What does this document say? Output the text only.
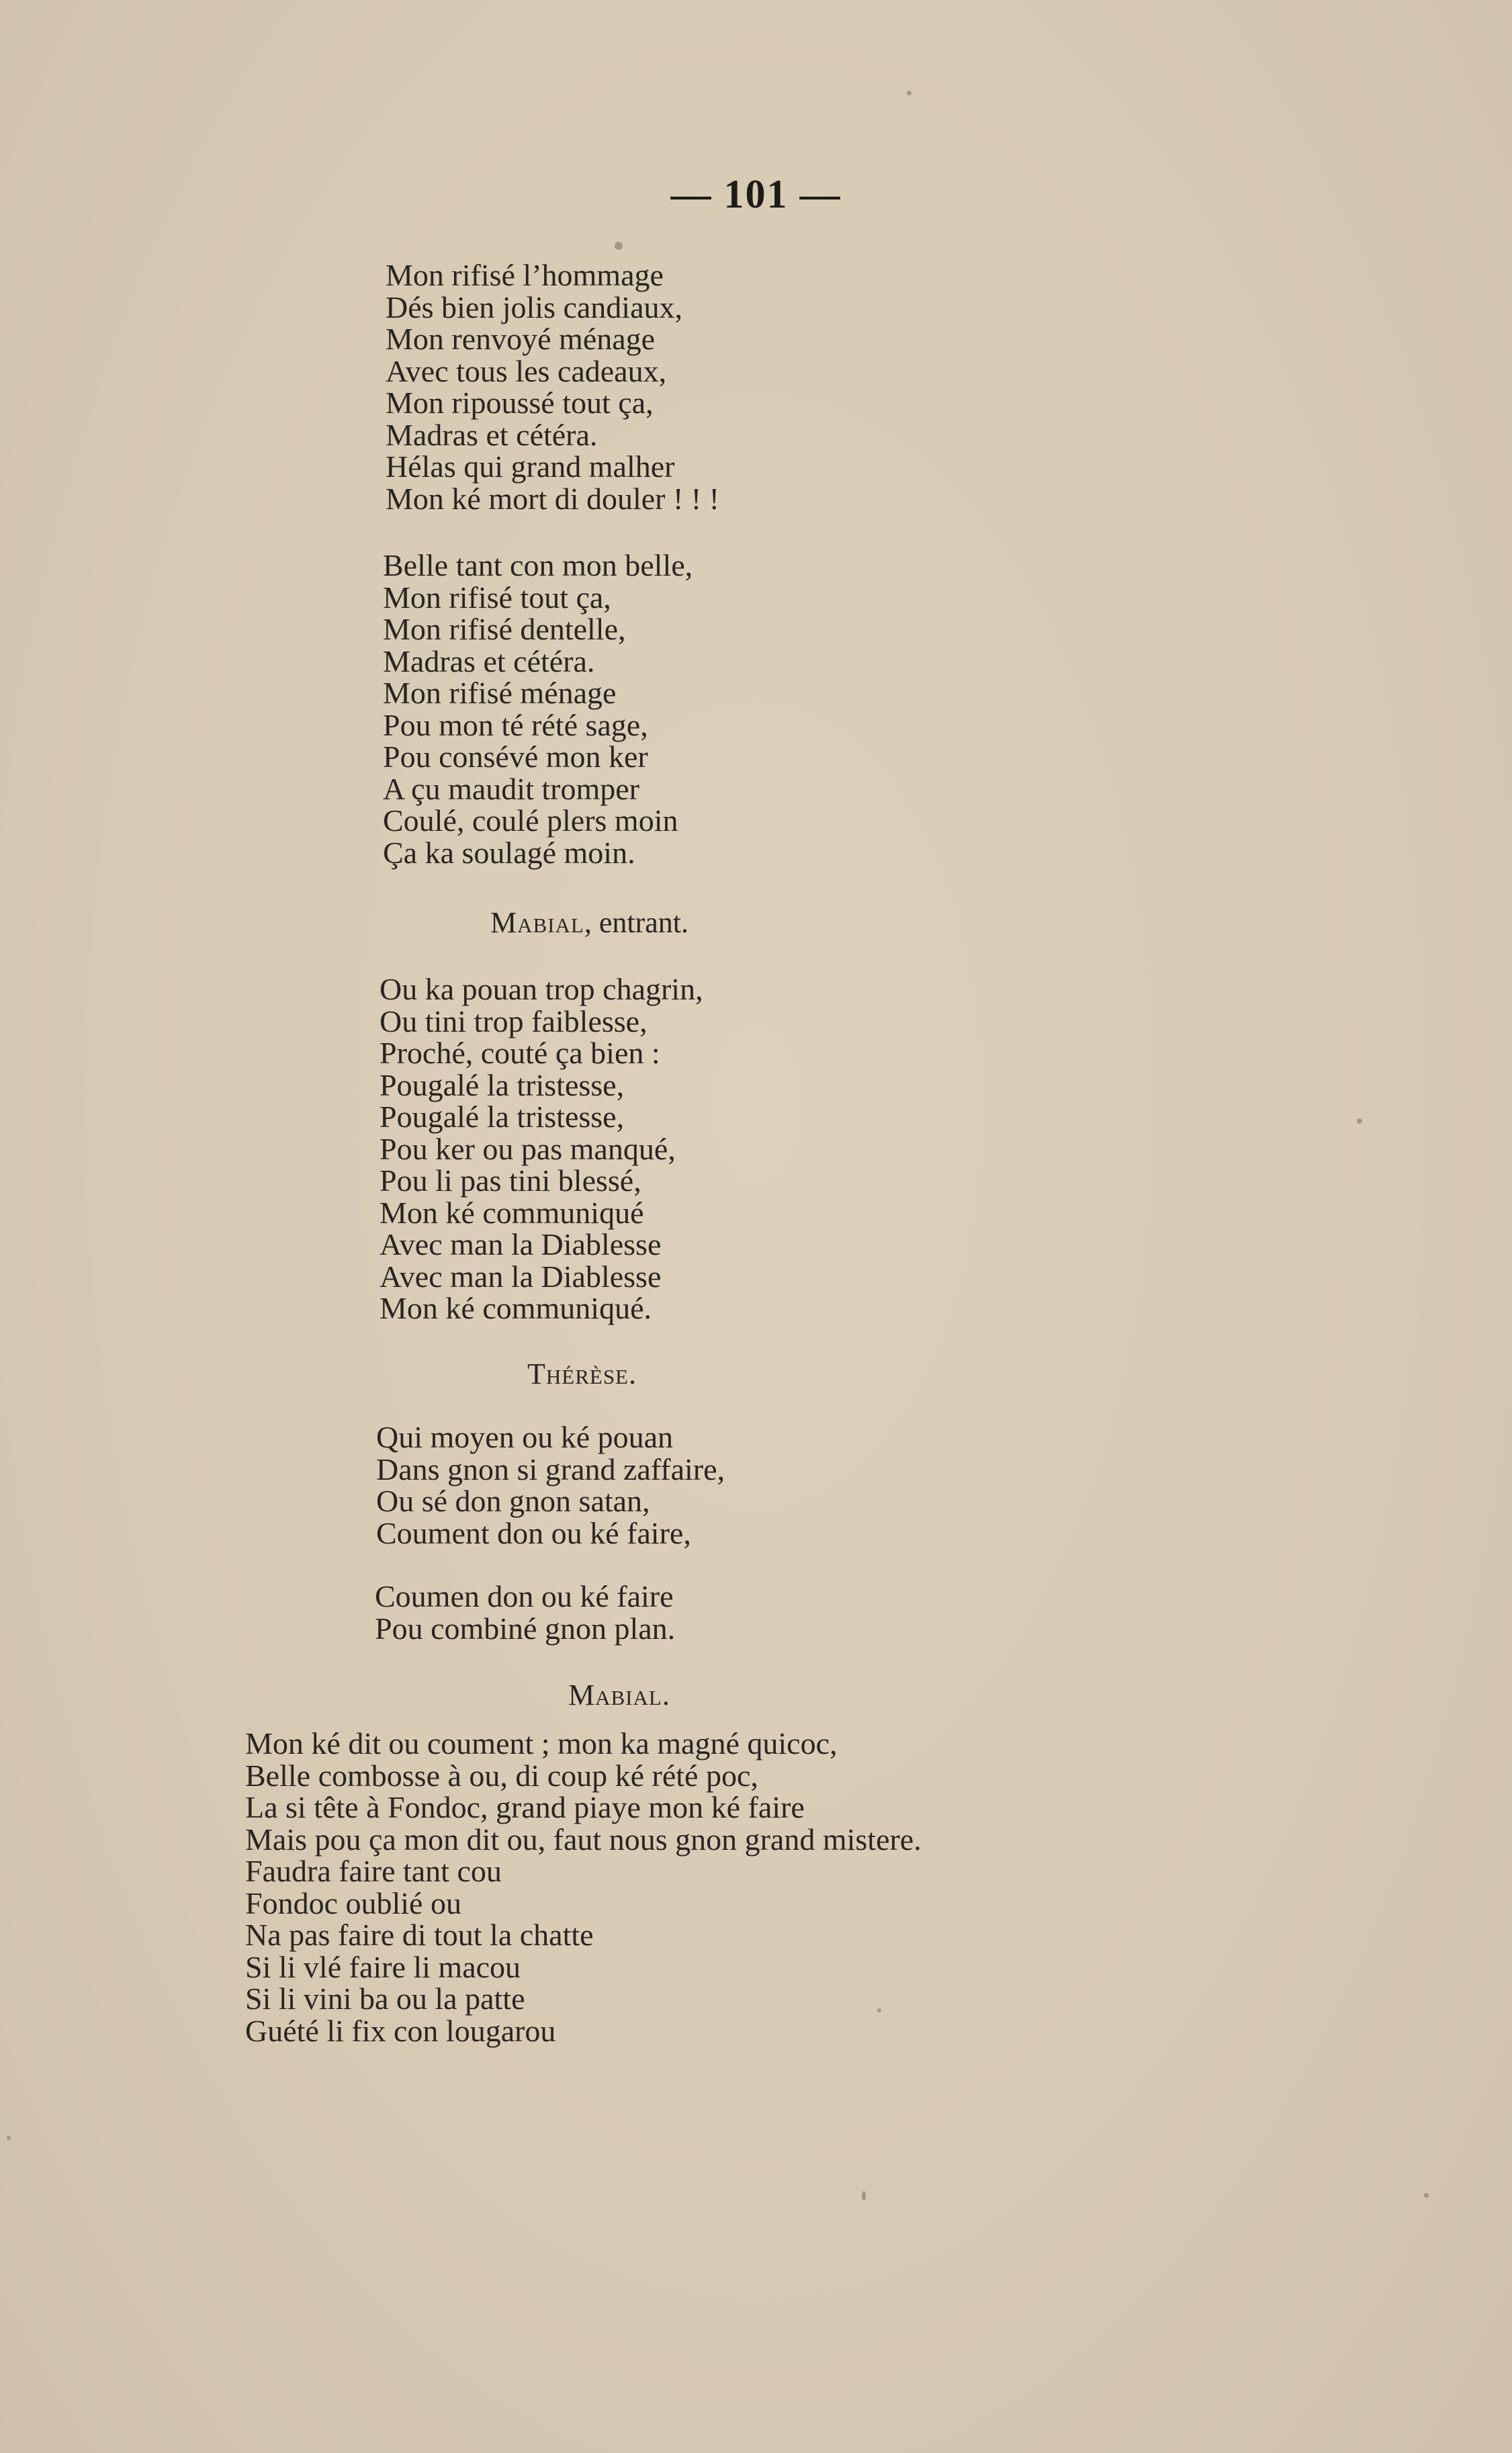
— 101 —
Mon rifisé l’hommage
Dés bien jolis candiaux,
Mon renvoyé ménage
Avec tous les cadeaux,
Mon ripoussé tout ça,
Madras et cétéra.
Hélas qui grand malher
Mon ké mort di douler ! ! !
Belle tant con mon belle,
Mon rifisé tout ça,
Mon rifisé dentelle,
Madras et cétéra.
Mon rifisé ménage
Pou mon té rété sage,
Pou consévé mon ker
A çu maudit tromper
Coulé, coulé plers moin
Ça ka soulagé moin.
Mabial, entrant.
Ou ka pouan trop chagrin,
Ou tini trop faiblesse,
Proché, couté ça bien :
Pougalé la tristesse,
Pougalé la tristesse,
Pou ker ou pas manqué,
Pou li pas tini blessé,
Mon ké communiqué
Avec man la Diablesse
Avec man la Diablesse
Mon ké communiqué.
Thérèse.
Qui moyen ou ké pouan
Dans gnon si grand zaffaire,
Ou sé don gnon satan,
Coument don ou ké faire,
Coumen don ou ké faire
Pou combiné gnon plan.
Mabial.
Mon ké dit ou coument ; mon ka magné quicoc,
Belle combosse à ou, di coup ké rété poc,
La si tête à Fondoc, grand piaye mon ké faire
Mais pou ça mon dit ou, faut nous gnon grand mistere.
Faudra faire tant cou
Fondoc oublié ou
Na pas faire di tout la chatte
Si li vlé faire li macou
Si li vini ba ou la patte
Guété li fix con lougarou
